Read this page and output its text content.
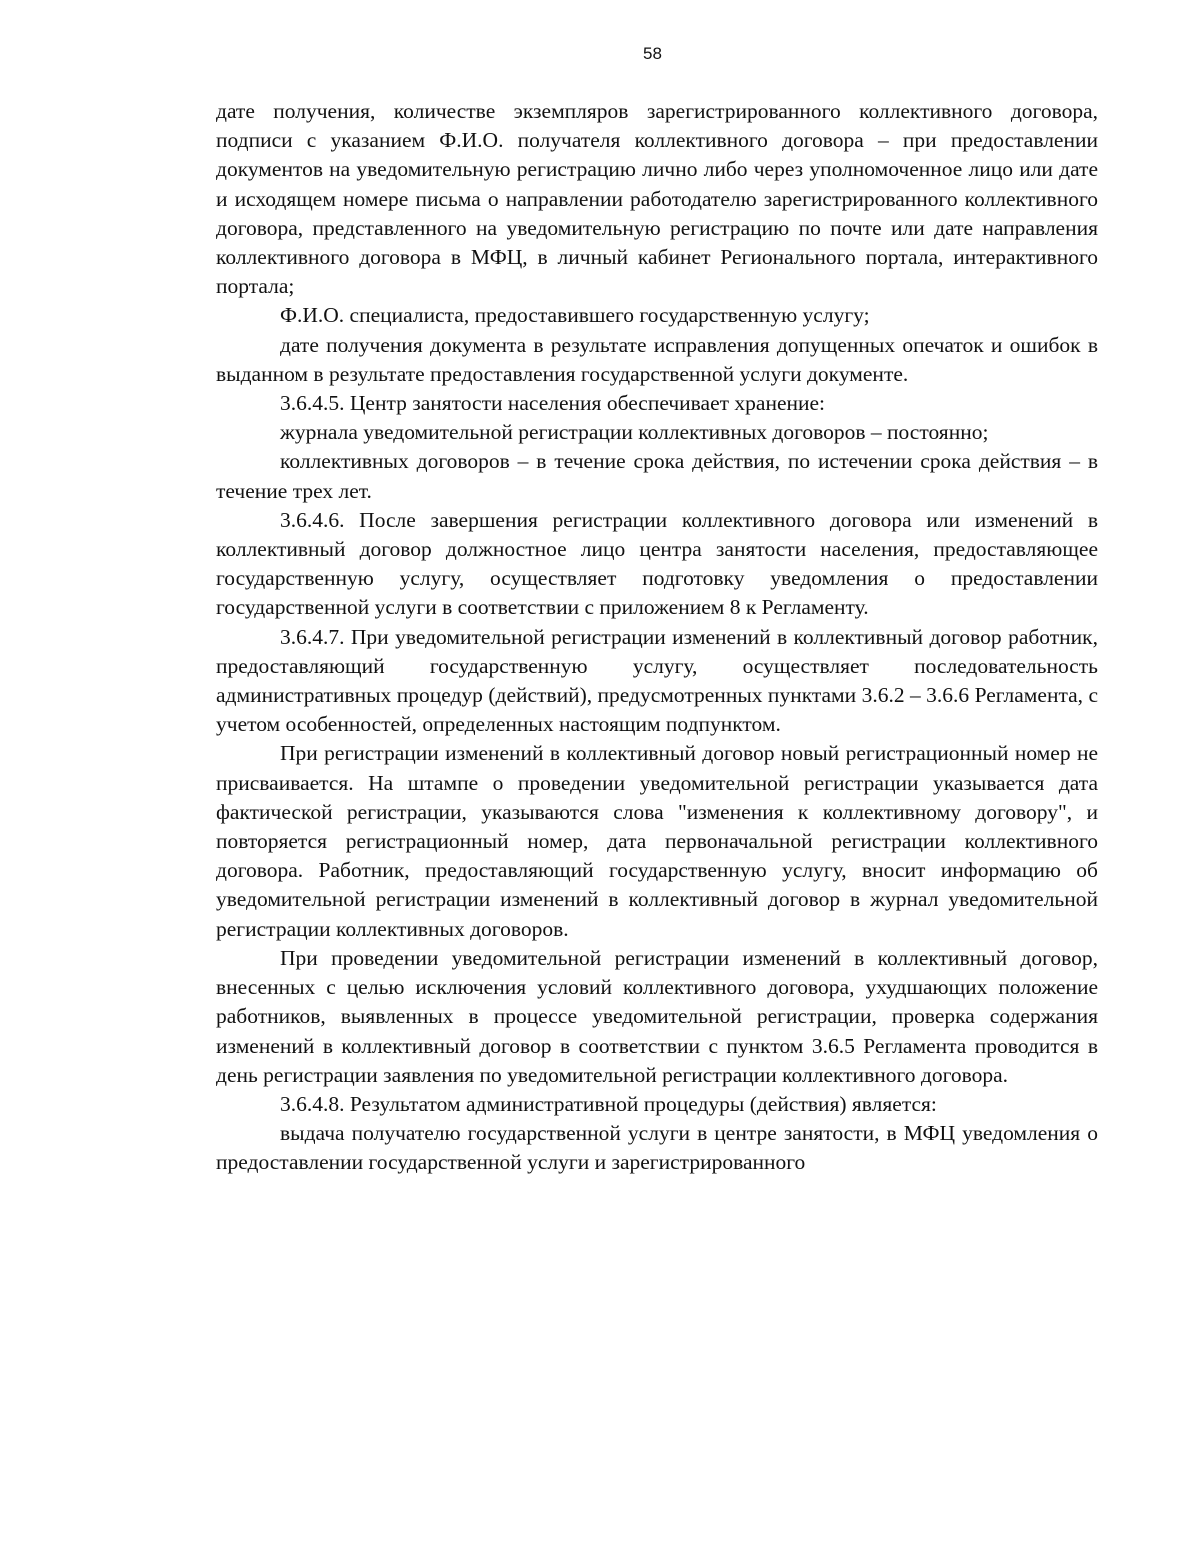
58

дате получения, количестве экземпляров зарегистрированного коллективного договора, подписи с указанием Ф.И.О. получателя коллективного договора – при предоставлении документов на уведомительную регистрацию лично либо через уполномоченное лицо или дате и исходящем номере письма о направлении работодателю зарегистрированного коллективного договора, представленного на уведомительную регистрацию по почте или дате направления коллективного договора в МФЦ, в личный кабинет Регионального портала, интерактивного портала;

Ф.И.О. специалиста, предоставившего государственную услугу;

дате получения документа в результате исправления допущенных опечаток и ошибок в выданном в результате предоставления государственной услуги документе.

3.6.4.5. Центр занятости населения обеспечивает хранение:

журнала уведомительной регистрации коллективных договоров – постоянно;

коллективных договоров – в течение срока действия, по истечении срока действия – в течение трех лет.

3.6.4.6. После завершения регистрации коллективного договора или изменений в коллективный договор должностное лицо центра занятости населения, предоставляющее государственную услугу, осуществляет подготовку уведомления о предоставлении государственной услуги в соответствии с приложением 8 к Регламенту.

3.6.4.7. При уведомительной регистрации изменений в коллективный договор работник, предоставляющий государственную услугу, осуществляет последовательность административных процедур (действий), предусмотренных пунктами 3.6.2 – 3.6.6 Регламента, с учетом особенностей, определенных настоящим подпунктом.

При регистрации изменений в коллективный договор новый регистрационный номер не присваивается. На штампе о проведении уведомительной регистрации указывается дата фактической регистрации, указываются слова "изменения к коллективному договору", и повторяется регистрационный номер, дата первоначальной регистрации коллективного договора. Работник, предоставляющий государственную услугу, вносит информацию об уведомительной регистрации изменений в коллективный договор в журнал уведомительной регистрации коллективных договоров.

При проведении уведомительной регистрации изменений в коллективный договор, внесенных с целью исключения условий коллективного договора, ухудшающих положение работников, выявленных в процессе уведомительной регистрации, проверка содержания изменений в коллективный договор в соответствии с пунктом 3.6.5 Регламента проводится в день регистрации заявления по уведомительной регистрации коллективного договора.

3.6.4.8. Результатом административной процедуры (действия) является:

выдача получателю государственной услуги в центре занятости, в МФЦ уведомления о предоставлении государственной услуги и зарегистрированного
